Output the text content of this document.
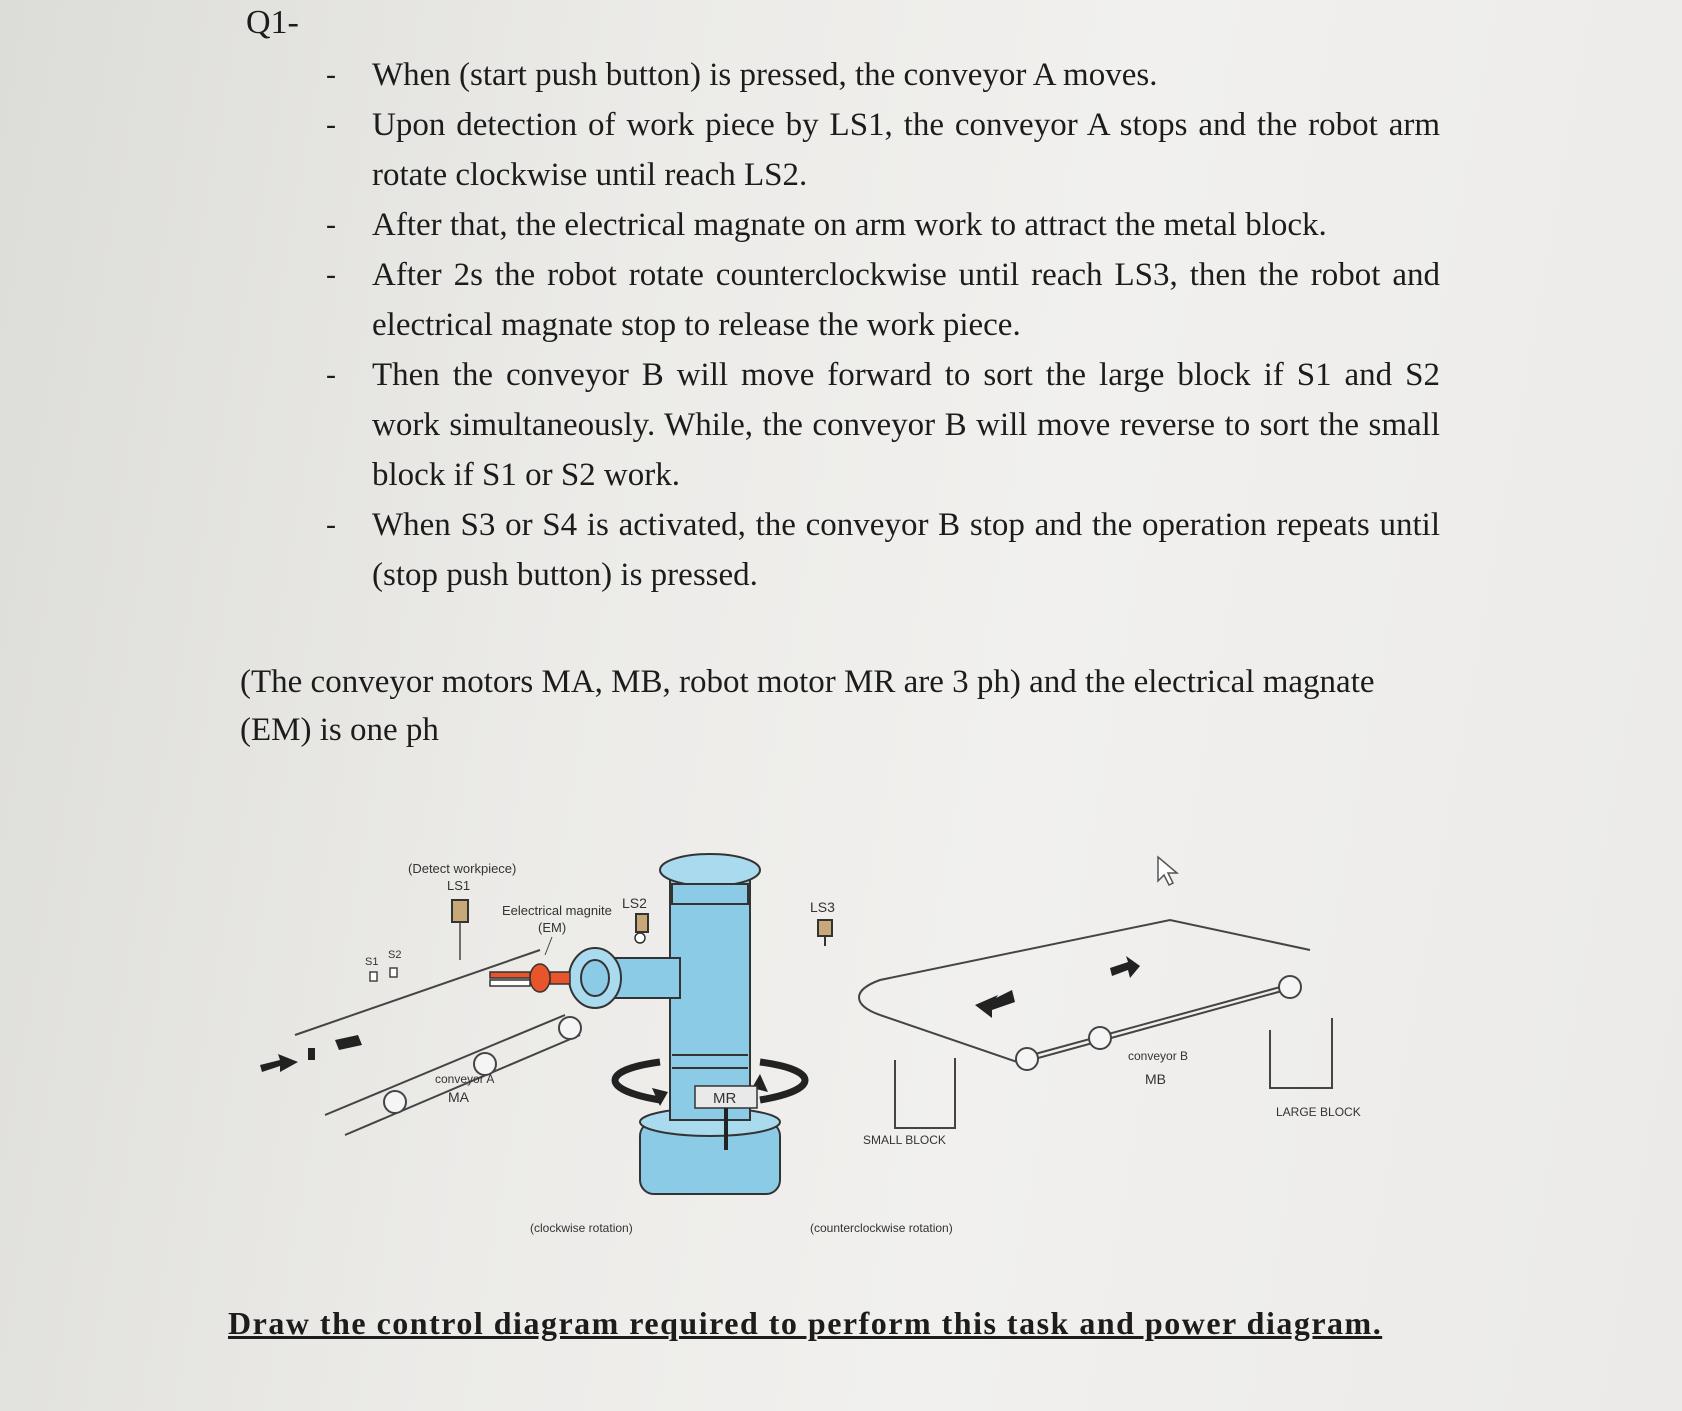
Q1-
- When (start push button) is pressed, the conveyor A moves.
- Upon detection of work piece by LS1, the conveyor A stops and the robot arm rotate clockwise until reach LS2.
- After that, the electrical magnate on arm work to attract the metal block.
- After 2s the robot rotate counterclockwise until reach LS3, then the robot and electrical magnate stop to release the work piece.
- Then the conveyor B will move forward to sort the large block if S1 and S2 work simultaneously. While, the conveyor B will move reverse to sort the small block if S1 or S2 work.
- When S3 or S4 is activated, the conveyor B stop and the operation repeats until (stop push button) is pressed.
(The conveyor motors MA, MB, robot motor MR are 3 ph) and the electrical magnate (EM) is one ph
S1
S2
(Detect workpiece)
LS1
Eelectrical magnite
(EM)
LS2	LS3
MR
(clockwise rotation)	(counterclockwise rotation)
SMALL BLOCK
LARGE BLOCK
conveyor B
MB
conveyor A
MA
Draw the control diagram required to perform this task and power diagram.
